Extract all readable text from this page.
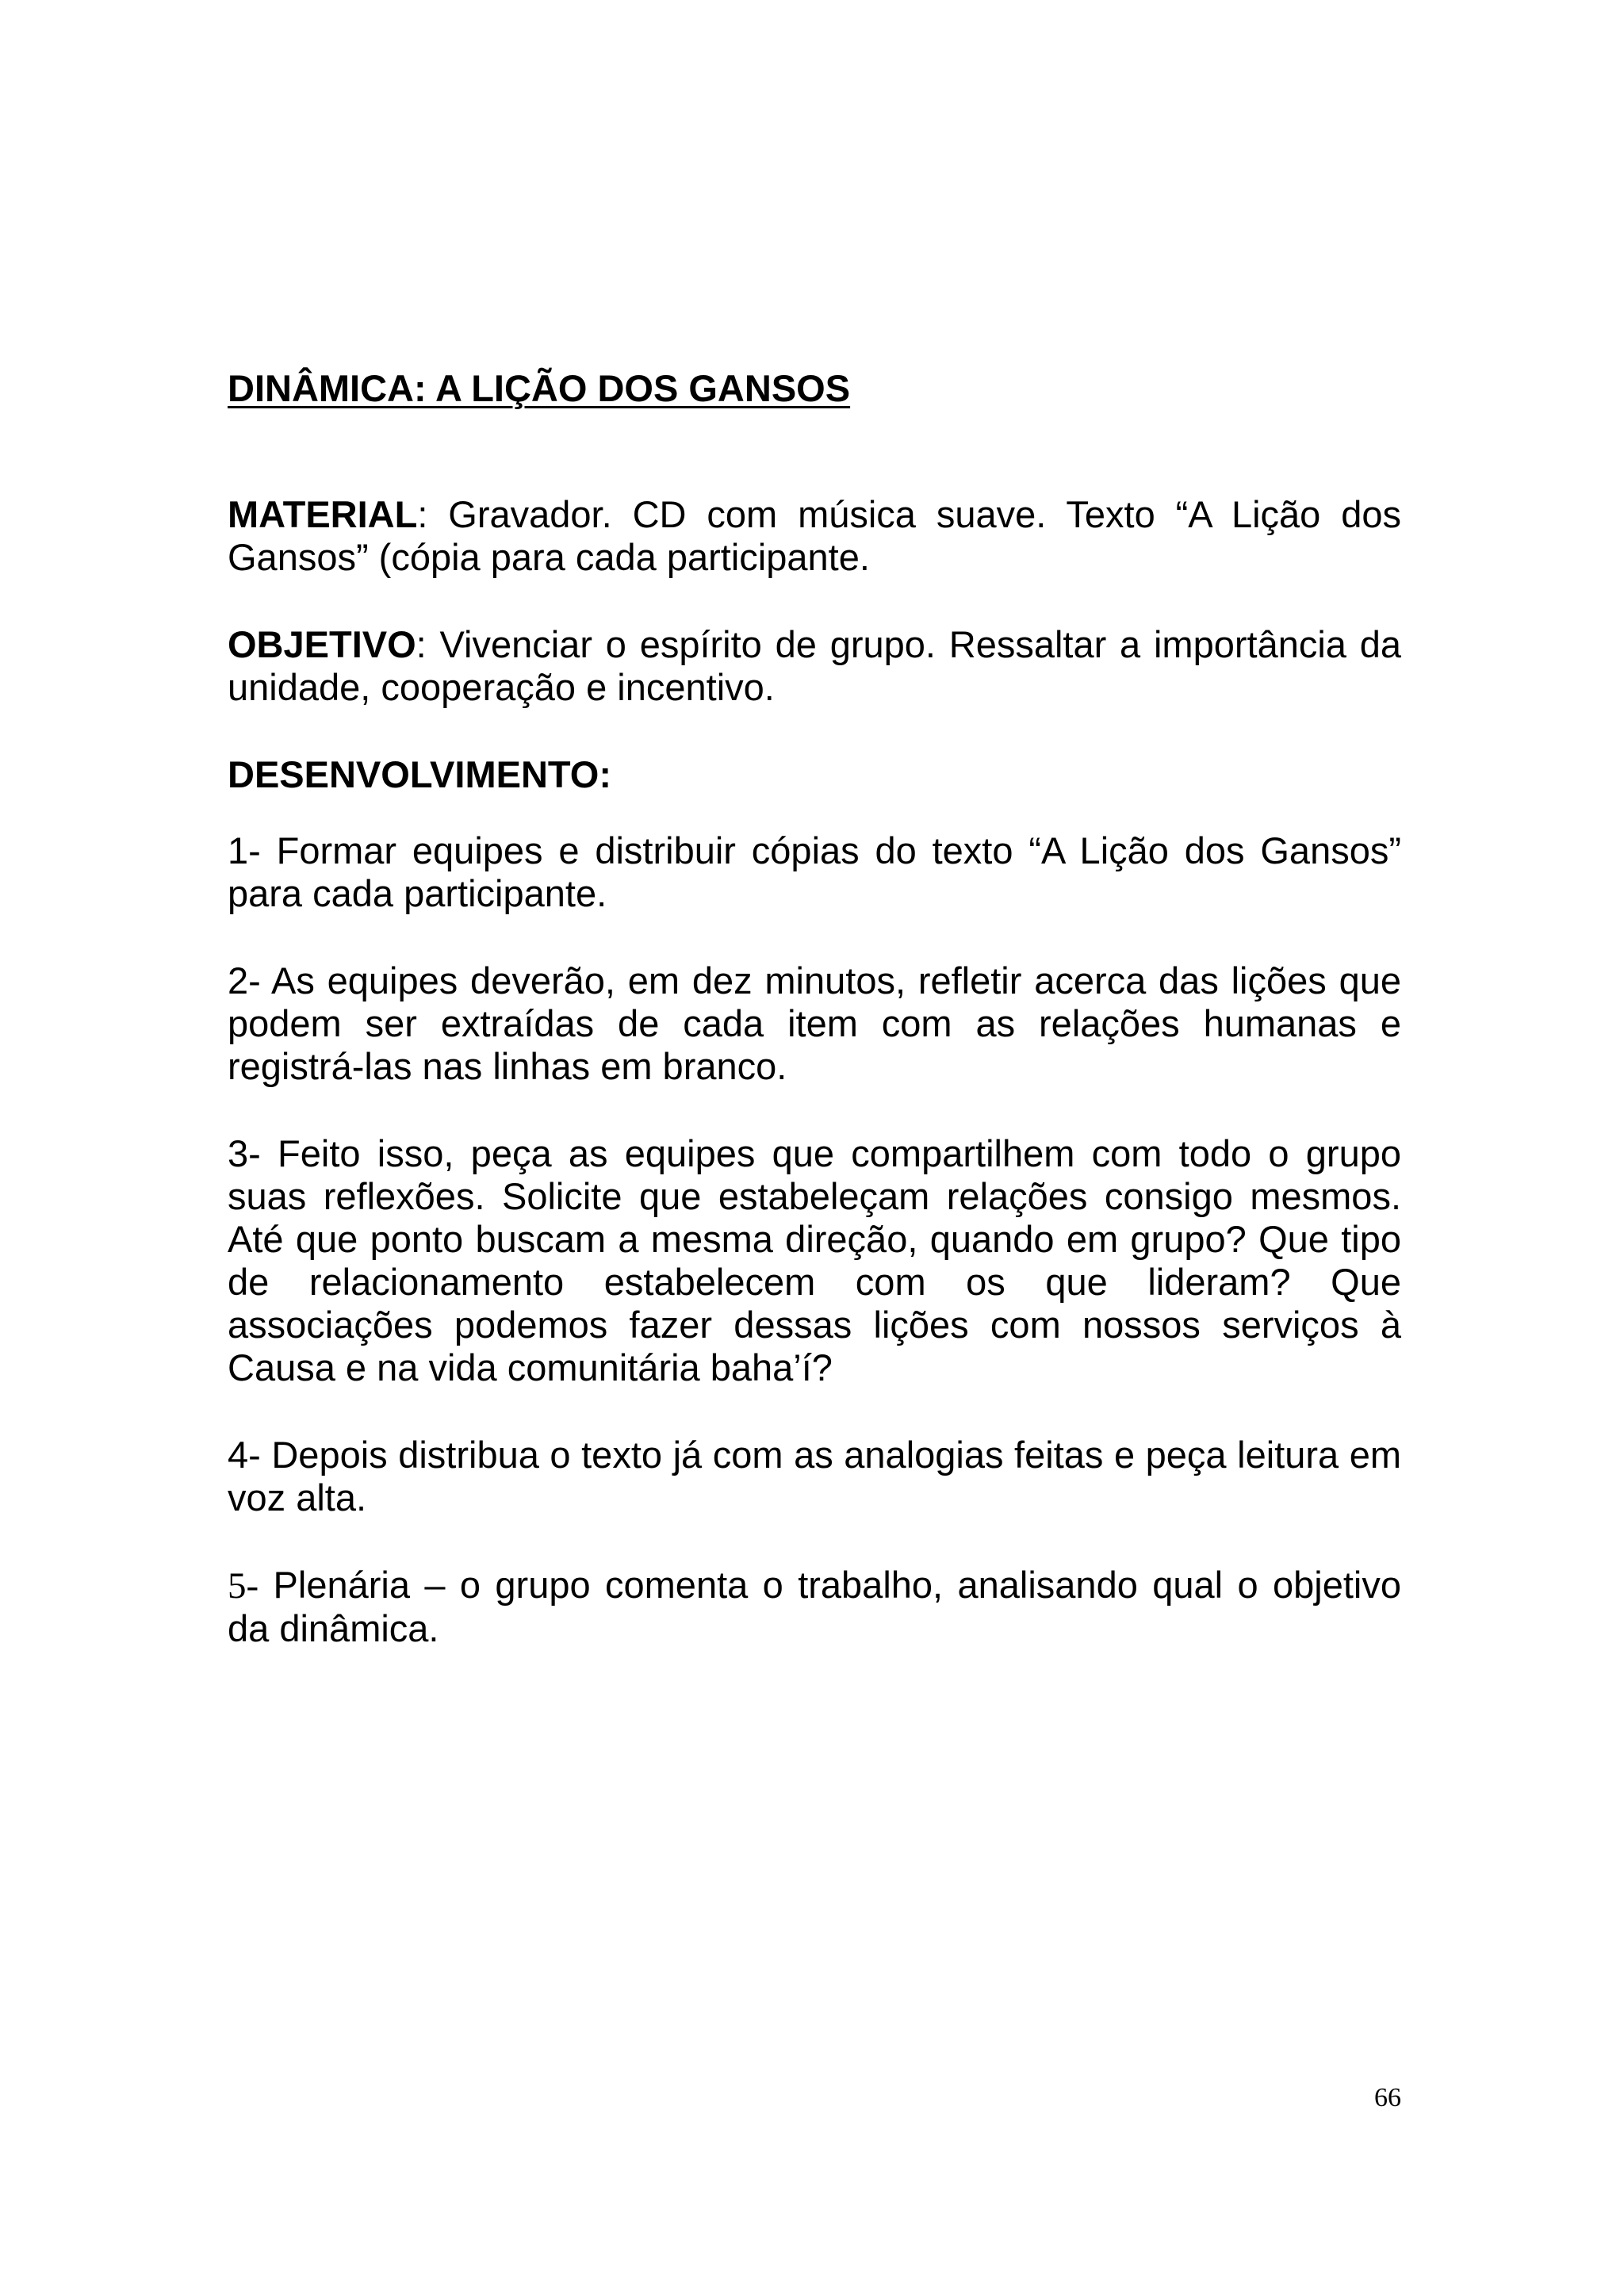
DINÂMICA: A LIÇÃO DOS GANSOS

MATERIAL: Gravador. CD com música suave. Texto “A Lição dos Gansos” (cópia para cada participante.

OBJETIVO: Vivenciar o espírito de grupo. Ressaltar a importância da unidade, cooperação e incentivo.

DESENVOLVIMENTO:

1- Formar equipes e distribuir cópias do texto “A Lição dos Gansos” para cada participante.

2- As equipes deverão, em dez minutos, refletir acerca das lições que podem ser extraídas de cada item com as relações humanas e registrá-las nas linhas em branco.

3- Feito isso, peça as equipes que compartilhem com todo o grupo suas reflexões. Solicite que estabeleçam relações consigo mesmos. Até que ponto buscam a mesma direção, quando em grupo? Que tipo de relacionamento estabelecem com os que lideram? Que associações podemos fazer dessas lições com nossos serviços à Causa e na vida comunitária baha’í?

4- Depois distribua o texto já com as analogias feitas e peça leitura em voz alta.

5- Plenária – o grupo comenta o trabalho, analisando qual o objetivo da dinâmica.

66
